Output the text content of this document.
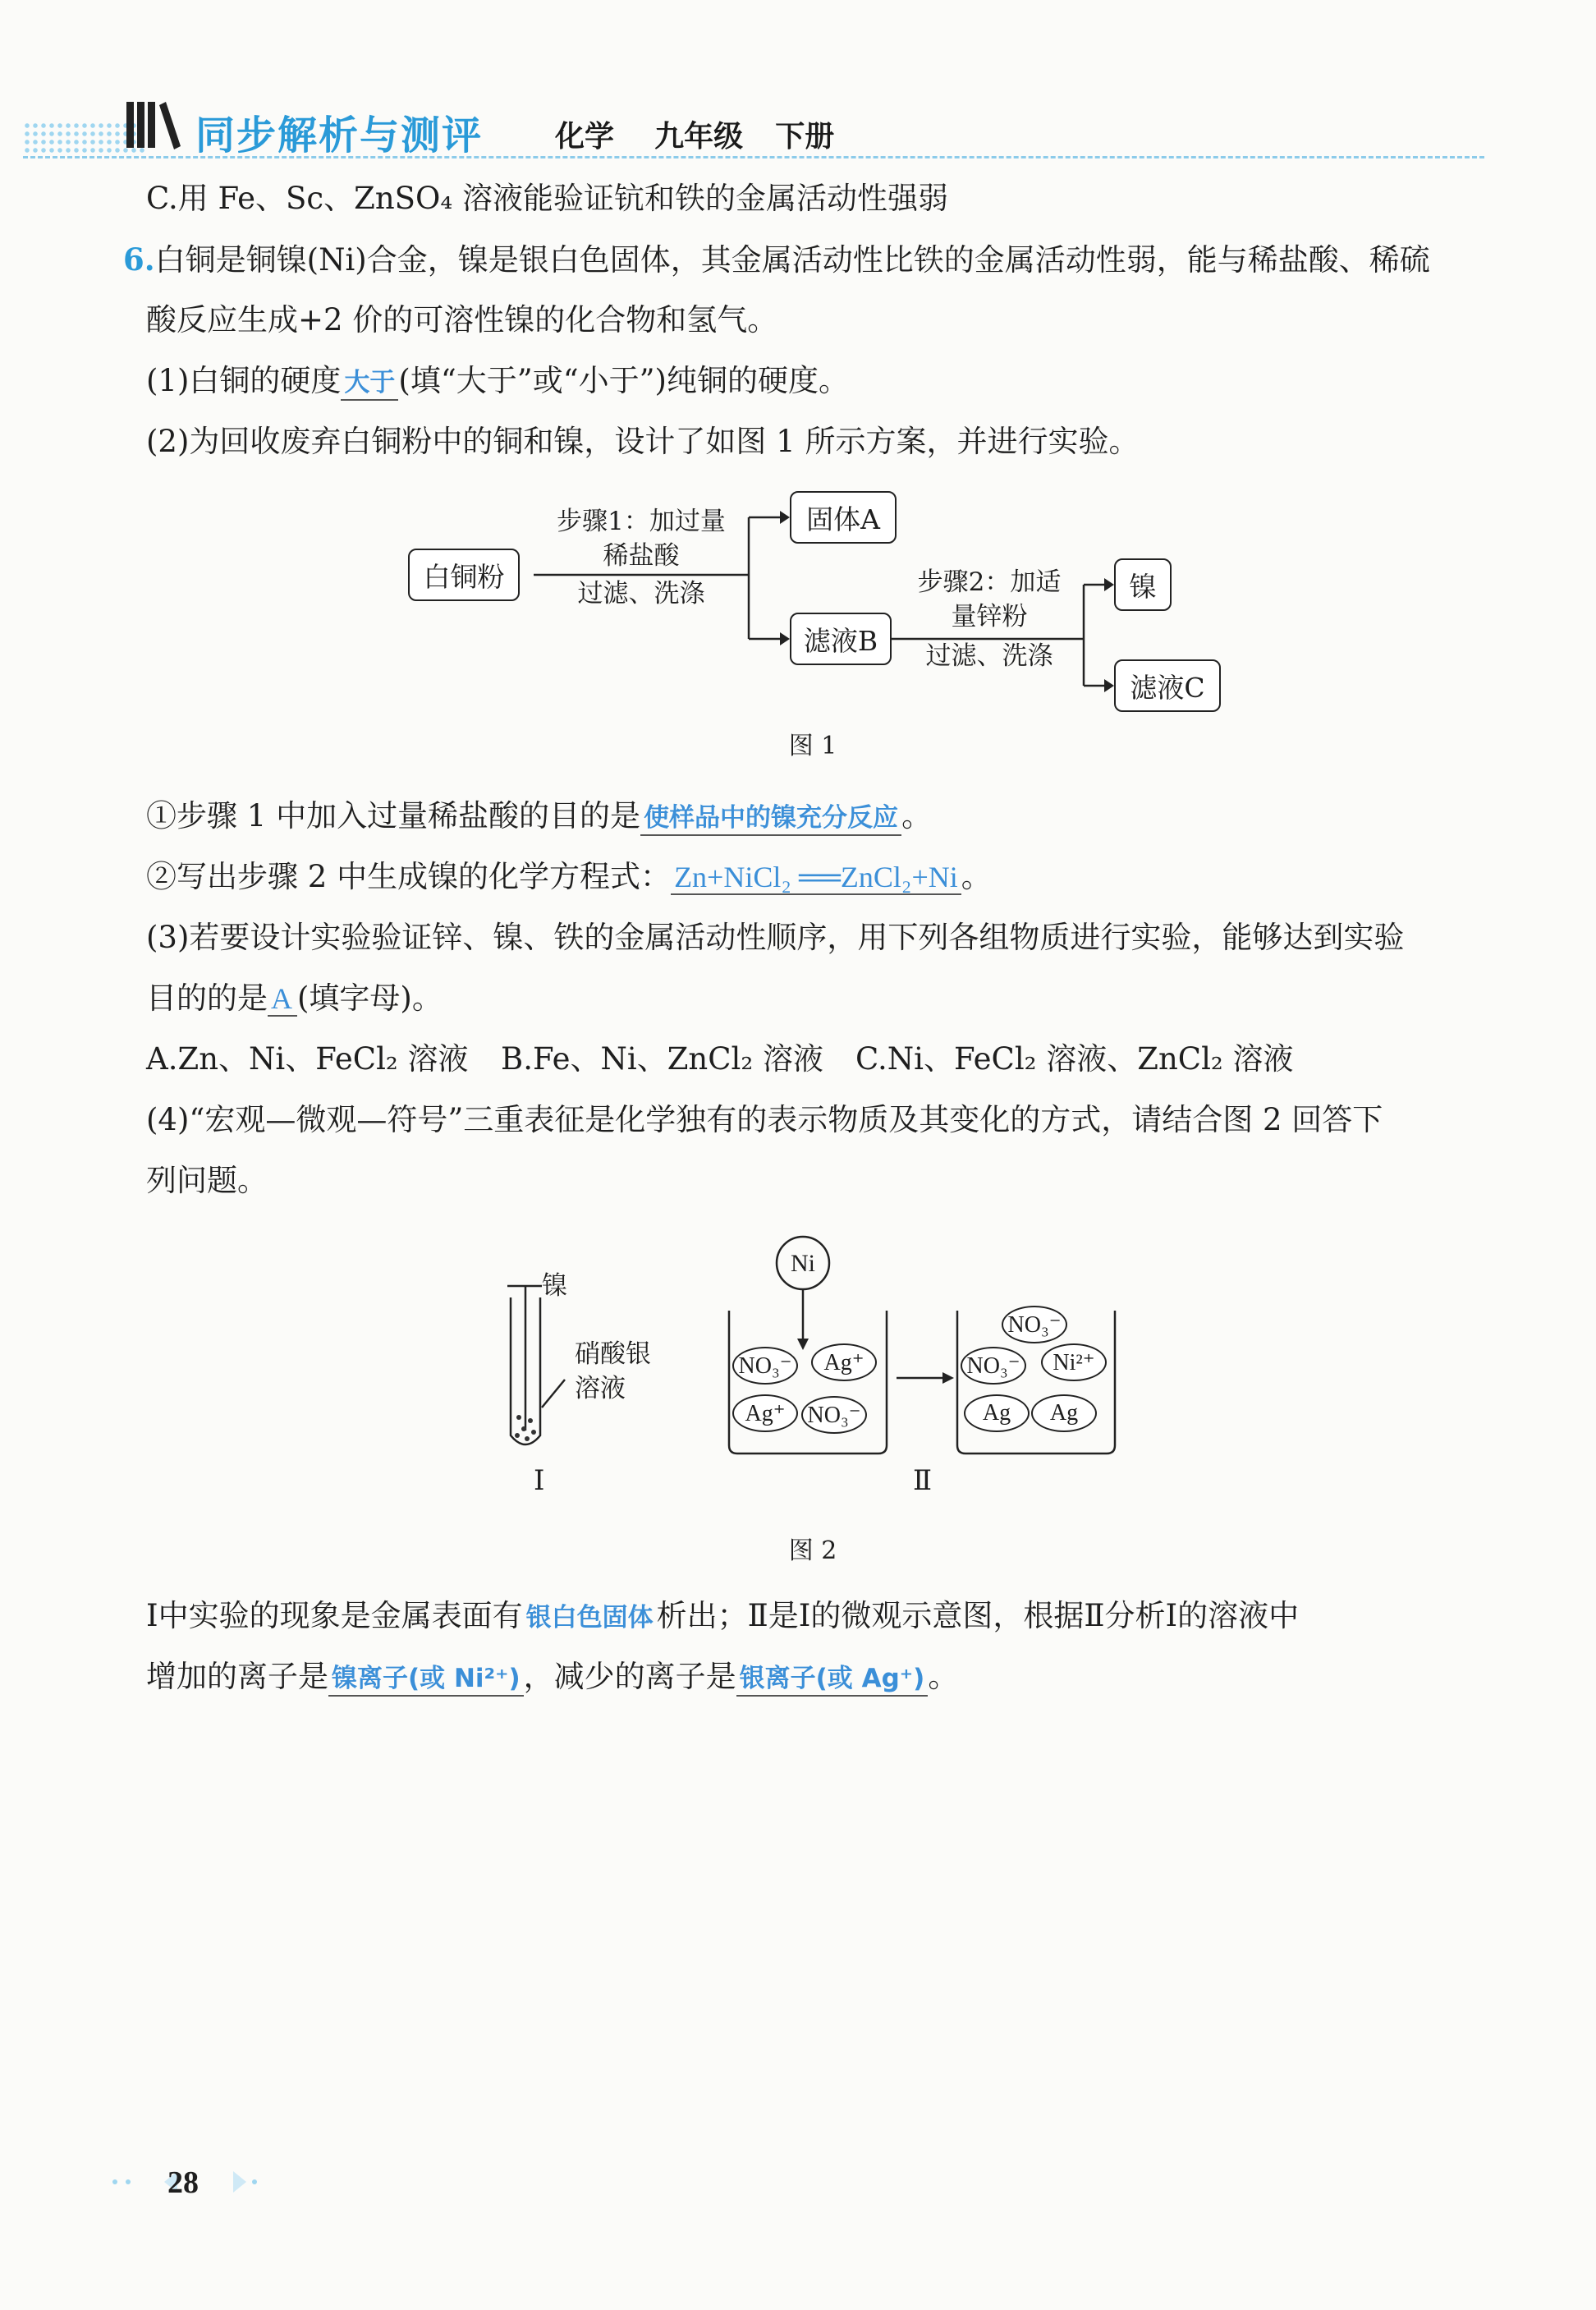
同步解析与测评 化学 九年级 下册
C.用 Fe、Sc、ZnSO₄ 溶液能验证钪和铁的金属活动性强弱
6.白铜是铜镍(Ni)合金，镍是银白色固体，其金属活动性比铁的金属活动性弱，能与稀盐酸、稀硫
酸反应生成+2 价的可溶性镍的化合物和氢气。
(1)白铜的硬度 大于 (填“大于”或“小于”)纯铜的硬度。
(2)为回收废弃白铜粉中的铜和镍，设计了如图 1 所示方案，并进行实验。
白铜粉
步骤1：加过量
稀盐酸
过滤、洗涤
固体A
滤液B
步骤2：加适
量锌粉
过滤、洗涤
镍
滤液C
图 1
①步骤 1 中加入过量稀盐酸的目的是 使样品中的镍充分反应 。
②写出步骤 2 中生成镍的化学方程式： Zn+NiCl₂ ══ZnCl₂+Ni 。
(3)若要设计实验验证锌、镍、铁的金属活动性顺序，用下列各组物质进行实验，能够达到实验
目的的是 A (填字母)。
A.Zn、Ni、FeCl₂ 溶液 B.Fe、Ni、ZnCl₂ 溶液 C.Ni、FeCl₂ 溶液、ZnCl₂ 溶液
(4)“宏观—微观—符号”三重表征是化学独有的表示物质及其变化的方式，请结合图 2 回答下
列问题。
镍
硝酸银
溶液
Ⅰ	Ⅱ
Ni
NO₃⁻	Ag⁺
Ag⁺ NO₃⁻
NO₃⁻
NO₃⁻	Ni²⁺
Ag	Ag
图 2
Ⅰ中实验的现象是金属表面有 银白色固体 析出；Ⅱ是Ⅰ的微观示意图，根据Ⅱ分析Ⅰ的溶液中
增加的离子是 镍离子(或 Ni²⁺) ，减少的离子是 银离子(或 Ag⁺) 。
28
